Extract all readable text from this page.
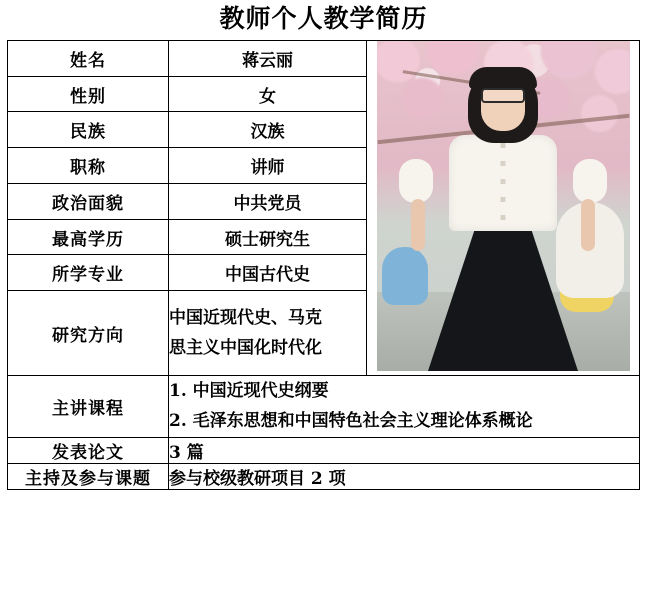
教师个人教学简历
姓名	蒋云丽	

性别	女	
民族	汉族	
职称	讲师	
政治面貌	中共党员	
最高学历	硕士研究生	
所学专业	中国古代史	
研究方向	中国近现代史、马克
思主义中国化时代化	

主讲课程	1. 中国近现代史纲要
2. 毛泽东思想和中国特色社会主义理论体系概论	

发表论文	3 篇	
主持及参与课题	参与校级教研项目 2 项	
